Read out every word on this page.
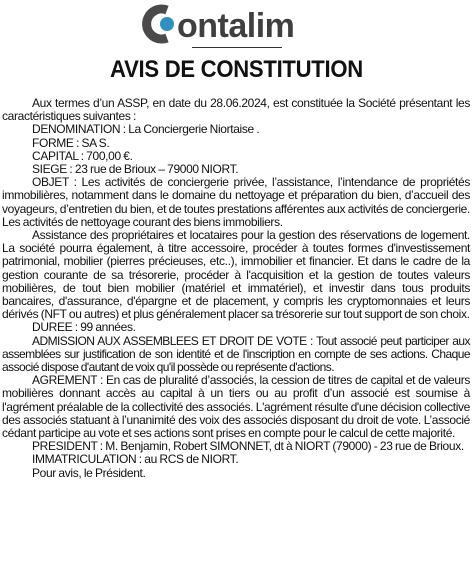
ontalim
AVIS DE CONSTITUTION

Aux termes d’un ASSP, en date du 28.06.2024, est constituée la Société présentant les caractéristiques suivantes :

DENOMINATION : La Conciergerie Niortaise .

FORME : SA S.

CAPITAL : 700,00 €.

SIEGE : 23 rue de Brioux – 79000 NIORT.

OBJET : Les activités de conciergerie privée, l’assistance, l’intendance de propriétés immobilières, notamment dans le domaine du nettoyage et préparation du bien, d’accueil des voyageurs, d’entretien du bien, et de toutes prestations afférentes aux activités de conciergerie. Les activités de nettoyage courant des biens immobiliers.

Assistance des propriétaires et locataires pour la gestion des réservations de logement. La société pourra également, à titre accessoire, procéder à toutes formes d'investissement patrimonial, mobilier (pierres précieuses, etc..), immobilier et financier. Et dans le cadre de la gestion courante de sa trésorerie, procéder à l'acquisition et la gestion de toutes valeurs mobilières, de tout bien mobilier (matériel et immatériel), et investir dans tous produits bancaires, d'assurance, d'épargne et de placement, y compris les cryptomonnaies et leurs dérivés (NFT ou autres) et plus généralement placer sa trésorerie sur tout support de son choix.

DUREE : 99 années.

ADMISSION AUX ASSEMBLEES ET DROIT DE VOTE : Tout associé peut participer aux assemblées sur justification de son identité et de l'inscription en compte de ses actions. Chaque associé dispose d'autant de voix qu'il possède ou représente d'actions.

AGREMENT : En cas de pluralité d’associés, la cession de titres de capital et de valeurs mobilières donnant accès au capital à un tiers ou au profit d’un associé est soumise à l'agrément préalable de la collectivité des associés. L'agrément résulte d'une décision collective des associés statuant à l’unanimité des voix des associés disposant du droit de vote. L’associé cédant participe au vote et ses actions sont prises en compte pour le calcul de cette majorité.

PRESIDENT : M. Benjamin, Robert SIMONNET, dt à NIORT (79000) - 23 rue de Brioux.

IMMATRICULATION : au RCS de NIORT.

Pour avis, le Président.
